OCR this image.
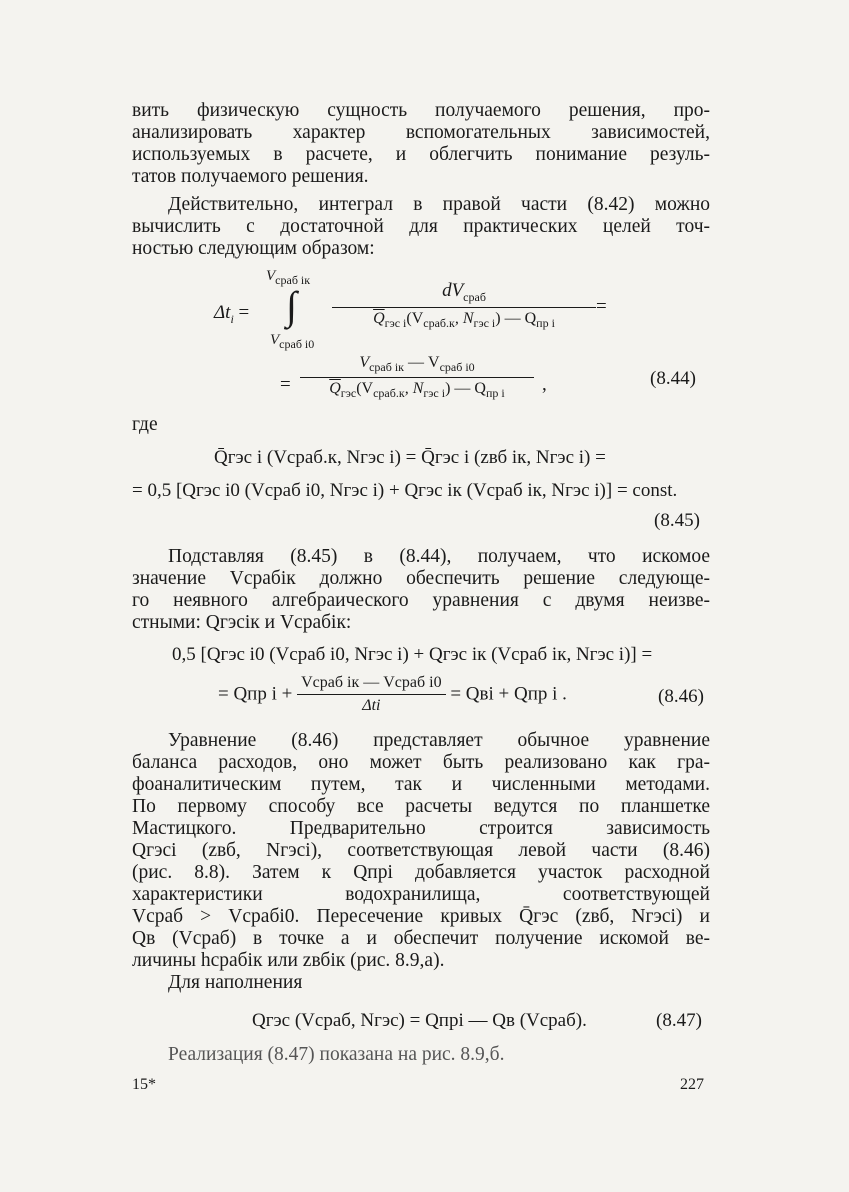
вить физическую сущность получаемого решения, про-
анализировать характер вспомогательных зависимостей,
используемых в расчете, и облегчить понимание резуль-
татов получаемого решения.
Действительно, интеграл в правой части (8.42) можно
вычислить с достаточной для практических целей точ-
ностью следующим образом:
$\Delta t_i$ =
$V_{сраб iк}$
∫
$V_{сраб i0}$
$dV_{сраб}$
$\overline{Q}_{гэс i}(V_{сраб.к}$, $N_{гэс i}$) — $Q_{пр i}$
=
=
$V_{сраб iк}$ — $V_{сраб i0}$
$\overline{Q}_{гэс}(V_{сраб.к}$, $N_{гэс i}$) — $Q_{пр i}$	,	(8.44)
где
Q̄гэс i (Vсраб.к, Nгэс i) = Q̄гэс i (zвб iк, Nгэс i) =
= 0,5 [Qгэс i0 (Vсраб i0, Nгэс i) + Qгэс iк (Vсраб iк, Nгэс i)] = const.
(8.45)
Подставляя (8.45) в (8.44), получаем, что искомое
значение Vсрабiк должно обеспечить решение следующе-
го неявного алгебраического уравнения с двумя неизве-
стными: Qгэсiк и Vсрабiк:
0,5 [Qгэс i0 (Vсраб i0, Nгэс i) + Qгэс iк (Vсраб iк, Nгэс i)] =
= Qпр $i + \frac{\text{Vсраб iк — Vсраб i0}}{\text{Δti}}$ = Qвi + Qпр i .	(8.46)
Уравнение (8.46) представляет обычное уравнение
баланса расходов, оно может быть реализовано как гра-
фоаналитическим путем, так и численными методами.
По первому способу все расчеты ведутся по планшетке
Мастицкого. Предварительно строится зависимость
Qгэсi (zвб, Nгэсi), соответствующая левой части (8.46)
(рис. 8.8). Затем к Qпрi добавляется участок расходной
характеристики водохранилища, соответствующей
Vсраб > Vсрабi0. Пересечение кривых Q̄гэс (zвб, Nгэсi) и
Qв (Vсраб) в точке a и обеспечит получение искомой ве-
личины hсрабiк или zвбiк (рис. 8.9,a).
Для наполнения
Qгэс (Vсраб, Nгэс) = Qпрi — Qв (Vсраб).	(8.47)
Реализация (8.47) показана на рис. 8.9,б.
15*	227
